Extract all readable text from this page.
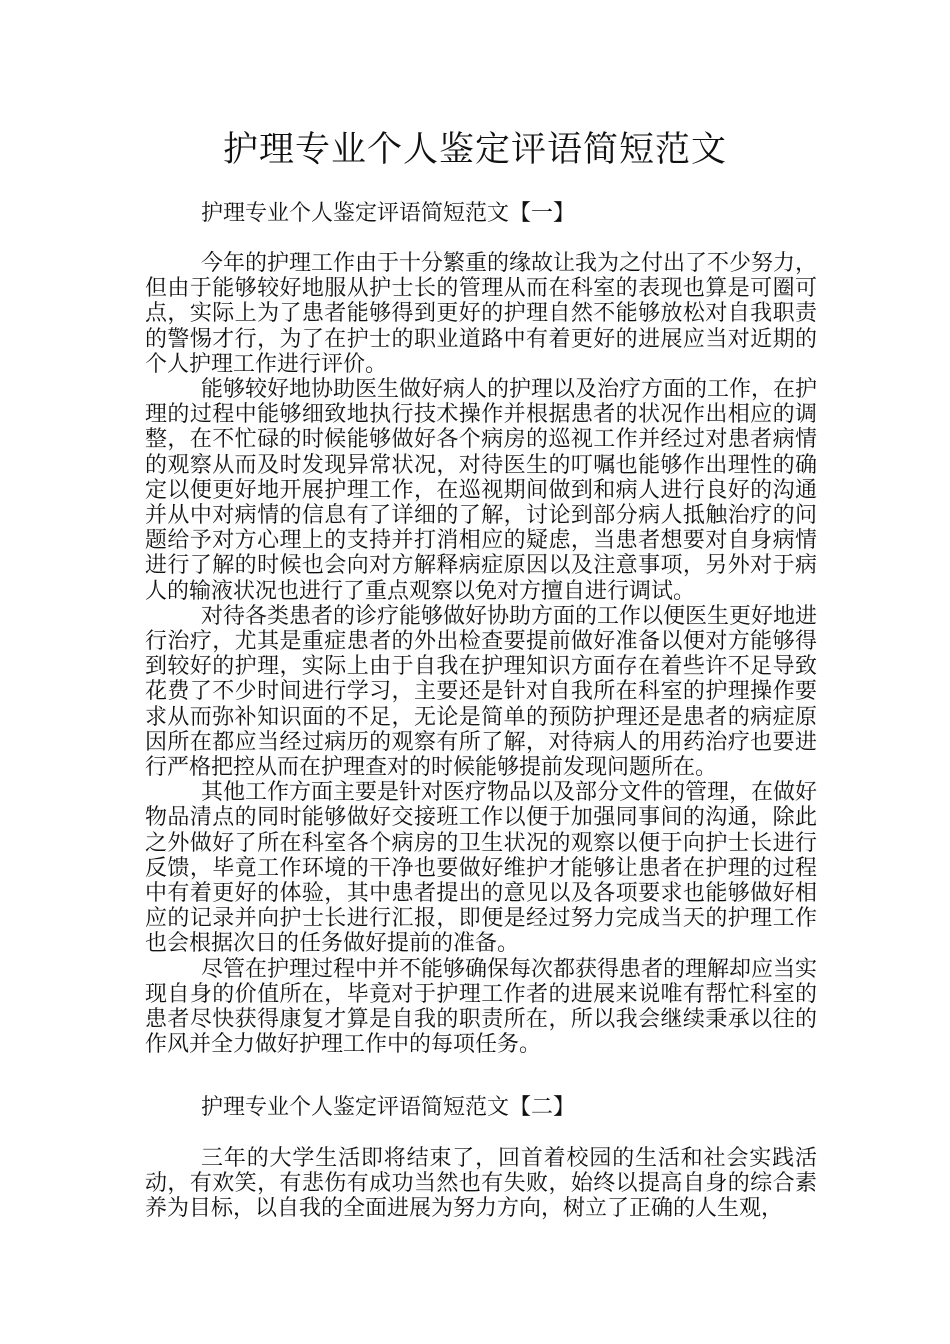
护理专业个人鉴定评语简短范文

护理专业个人鉴定评语简短范文【一】

今年的护理工作由于十分繁重的缘故让我为之付出了不少努力，但由于能够较好地服从护士长的管理从而在科室的表现也算是可圈可点，实际上为了患者能够得到更好的护理自然不能够放松对自我职责的警惕才行，为了在护士的职业道路中有着更好的进展应当对近期的个人护理工作进行评价。

能够较好地协助医生做好病人的护理以及治疗方面的工作，在护理的过程中能够细致地执行技术操作并根据患者的状况作出相应的调整，在不忙碌的时候能够做好各个病房的巡视工作并经过对患者病情的观察从而及时发现异常状况，对待医生的叮嘱也能够作出理性的确定以便更好地开展护理工作，在巡视期间做到和病人进行良好的沟通并从中对病情的信息有了详细的了解，讨论到部分病人抵触治疗的问题给予对方心理上的支持并打消相应的疑虑，当患者想要对自身病情进行了解的时候也会向对方解释病症原因以及注意事项，另外对于病人的输液状况也进行了重点观察以免对方擅自进行调试。

对待各类患者的诊疗能够做好协助方面的工作以便医生更好地进行治疗，尤其是重症患者的外出检查要提前做好准备以便对方能够得到较好的护理，实际上由于自我在护理知识方面存在着些许不足导致花费了不少时间进行学习，主要还是针对自我所在科室的护理操作要求从而弥补知识面的不足，无论是简单的预防护理还是患者的病症原因所在都应当经过病历的观察有所了解，对待病人的用药治疗也要进行严格把控从而在护理查对的时候能够提前发现问题所在。

其他工作方面主要是针对医疗物品以及部分文件的管理，在做好物品清点的同时能够做好交接班工作以便于加强同事间的沟通，除此之外做好了所在科室各个病房的卫生状况的观察以便于向护士长进行反馈，毕竟工作环境的干净也要做好维护才能够让患者在护理的过程中有着更好的体验，其中患者提出的意见以及各项要求也能够做好相应的记录并向护士长进行汇报，即便是经过努力完成当天的护理工作也会根据次日的任务做好提前的准备。

尽管在护理过程中并不能够确保每次都获得患者的理解却应当实现自身的价值所在，毕竟对于护理工作者的进展来说唯有帮忙科室的患者尽快获得康复才算是自我的职责所在，所以我会继续秉承以往的作风并全力做好护理工作中的每项任务。

护理专业个人鉴定评语简短范文【二】

三年的大学生活即将结束了，回首着校园的生活和社会实践活动，有欢笑，有悲伤有成功当然也有失败，始终以提高自身的综合素养为目标，以自我的全面进展为努力方向，树立了正确的人生观，
